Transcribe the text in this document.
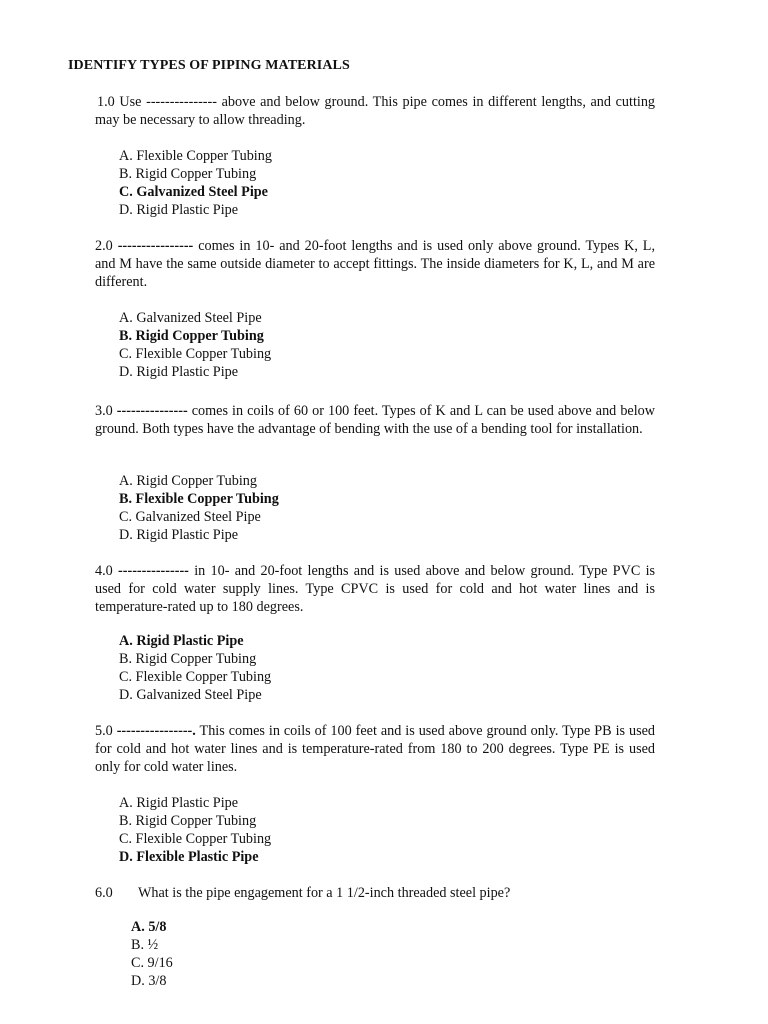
IDENTIFY TYPES OF PIPING MATERIALS

1.0 Use --------------- above and below ground. This pipe comes in different lengths, and cutting may be necessary to allow threading.

A. Flexible Copper Tubing
B. Rigid Copper Tubing
C. Galvanized Steel Pipe
D. Rigid Plastic Pipe

2.0 ---------------- comes in 10- and 20-foot lengths and is used only above ground. Types K, L, and M have the same outside diameter to accept fittings. The inside diameters for K, L, and M are different.

A. Galvanized Steel Pipe
B. Rigid Copper Tubing
C. Flexible Copper Tubing
D. Rigid Plastic Pipe

3.0 --------------- comes in coils of 60 or 100 feet. Types of K and L can be used above and below ground. Both types have the advantage of bending with the use of a bending tool for installation.

A. Rigid Copper Tubing
B. Flexible Copper Tubing
C. Galvanized Steel Pipe
D. Rigid Plastic Pipe

4.0 --------------- in 10- and 20-foot lengths and is used above and below ground. Type PVC is used for cold water supply lines. Type CPVC is used for cold and hot water lines and is temperature-rated up to 180 degrees.

A. Rigid Plastic Pipe
B. Rigid Copper Tubing
C. Flexible Copper Tubing
D. Galvanized Steel Pipe

5.0 ----------------. This comes in coils of 100 feet and is used above ground only. Type PB is used for cold and hot water lines and is temperature-rated from 180 to 200 degrees. Type PE is used only for cold water lines.

A. Rigid Plastic Pipe
B. Rigid Copper Tubing
C. Flexible Copper Tubing
D. Flexible Plastic Pipe
6.0 What is the pipe engagement for a 1 1/2-inch threaded steel pipe?
A. 5/8
B. ½
C. 9/16
D. 3/8
